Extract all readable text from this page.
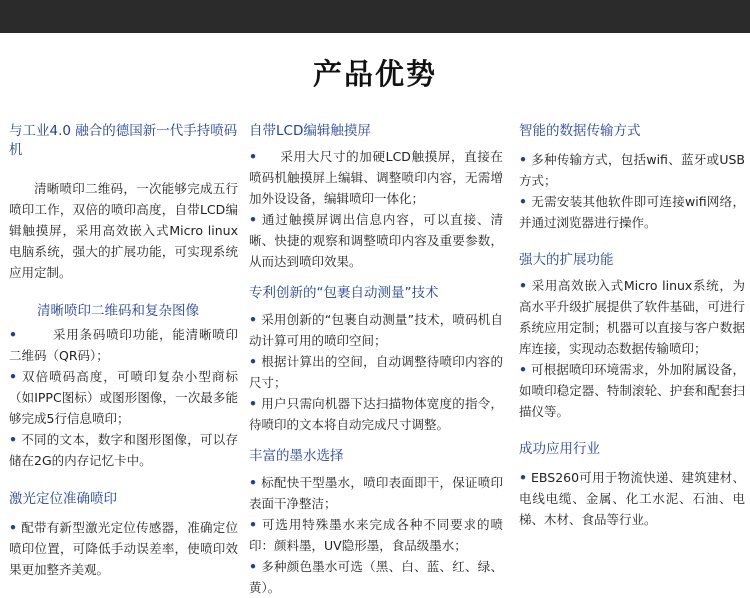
产品优势
与工业4.0 融合的德国新一代手持喷码机
清晰喷印二维码，一次能够完成五行喷印工作，双倍的喷印高度，自带LCD编辑触摸屏，采用高效嵌入式Micro linux电脑系统，强大的扩展功能，可实现系统应用定制。
清晰喷印二维码和复杂图像
•	采用条码喷印功能，能清晰喷印二维码（QR码）；
• 双倍喷码高度，可喷印复杂小型商标（如IPPC图标）或图形图像，一次最多能够完成5行信息喷印；
• 不同的文本，数字和图形图像，可以存储在2G的内存记忆卡中。
激光定位准确喷印
• 配带有新型激光定位传感器，准确定位喷印位置，可降低手动误差率，使喷印效果更加整齐美观。
自带LCD编辑触摸屏
• 采用大尺寸的加硬LCD触摸屏，直接在喷码机触摸屏上编辑、调整喷印内容，无需增加外设设备，编辑喷印一体化；
• 通过触摸屏调出信息内容，可以直接、清晰、快捷的观察和调整喷印内容及重要参数，从而达到喷印效果。
专利创新的“包裹自动测量”技术
• 采用创新的“包裹自动测量”技术，喷码机自动计算可用的喷印空间；
• 根据计算出的空间，自动调整待喷印内容的尺寸；
• 用户只需向机器下达扫描物体宽度的指令，待喷印的文本将自动完成尺寸调整。
丰富的墨水选择
• 标配快干型墨水，喷印表面即干，保证喷印表面干净整洁；
• 可选用特殊墨水来完成各种不同要求的喷印：颜料墨，UV隐形墨，食品级墨水；
• 多种颜色墨水可选（黑、白、蓝、红、绿、黄）。
智能的数据传输方式
• 多种传输方式，包括wifi、蓝牙或USB方式；
• 无需安装其他软件即可连接wifi网络，并通过浏览器进行操作。
强大的扩展功能
• 采用高效嵌入式Micro linux系统，为高水平升级扩展提供了软件基础，可进行系统应用定制；机器可以直接与客户数据库连接，实现动态数据传输喷印；
• 可根据喷印环境需求，外加附属设备，如喷印稳定器、特制滚轮、护套和配套扫描仪等。
成功应用行业
• EBS260可用于物流快递、建筑建材、电线电缆、金属、化工水泥、石油、电梯、木材、食品等行业。
